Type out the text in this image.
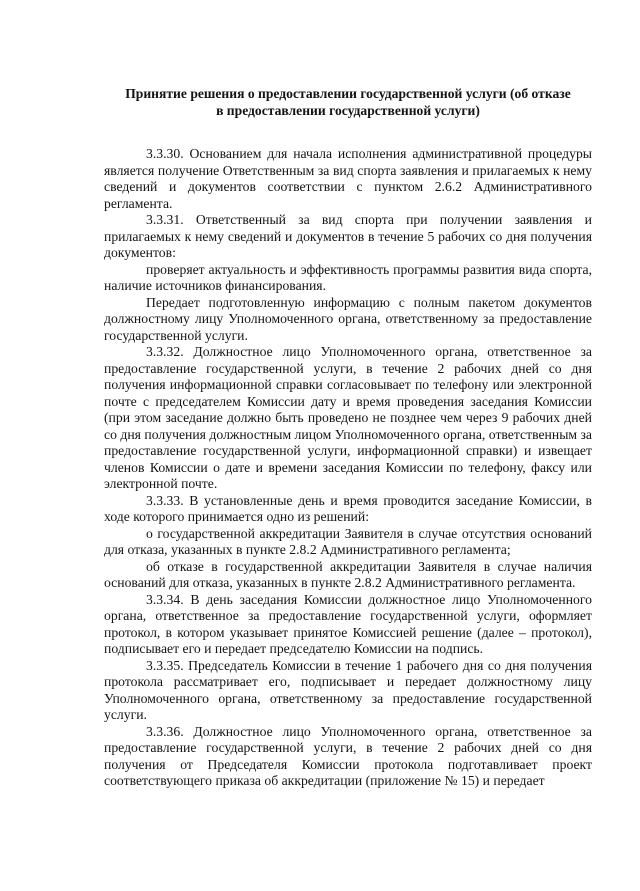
Принятие решения о предоставлении государственной услуги (об отказе
в предоставлении государственной услуги)

3.3.30. Основанием для начала исполнения административной процедуры является получение Ответственным за вид спорта заявления и прилагаемых к нему сведений и документов соответствии с пунктом 2.6.2 Административного регламента.

3.3.31. Ответственный за вид спорта при получении заявления и прилагаемых к нему сведений и документов в течение 5 рабочих со дня получения документов:

проверяет актуальность и эффективность программы развития вида спорта, наличие источников финансирования.

Передает подготовленную информацию с полным пакетом документов должностному лицу Уполномоченного органа, ответственному за предоставление государственной услуги.

3.3.32. Должностное лицо Уполномоченного органа, ответственное за предоставление государственной услуги, в течение 2 рабочих дней со дня получения информационной справки согласовывает по телефону или электронной почте с председателем Комиссии дату и время проведения заседания Комиссии (при этом заседание должно быть проведено не позднее чем через 9 рабочих дней со дня получения должностным лицом Уполномоченного органа, ответственным за предоставление государственной услуги, информационной справки) и извещает членов Комиссии о дате и времени заседания Комиссии по телефону, факсу или электронной почте.

3.3.33. В установленные день и время проводится заседание Комиссии, в ходе которого принимается одно из решений:

о государственной аккредитации Заявителя в случае отсутствия оснований для отказа, указанных в пункте 2.8.2 Административного регламента;

об отказе в государственной аккредитации Заявителя в случае наличия оснований для отказа, указанных в пункте 2.8.2 Административного регламента.

3.3.34. В день заседания Комиссии должностное лицо Уполномоченного органа, ответственное за предоставление государственной услуги, оформляет протокол, в котором указывает принятое Комиссией решение (далее – протокол), подписывает его и передает председателю Комиссии на подпись.

3.3.35. Председатель Комиссии в течение 1 рабочего дня со дня получения протокола рассматривает его, подписывает и передает должностному лицу Уполномоченного органа, ответственному за предоставление государственной услуги.

3.3.36. Должностное лицо Уполномоченного органа, ответственное за предоставление государственной услуги, в течение 2 рабочих дней со дня получения от Председателя Комиссии протокола подготавливает проект соответствующего приказа об аккредитации (приложение № 15) и передает
